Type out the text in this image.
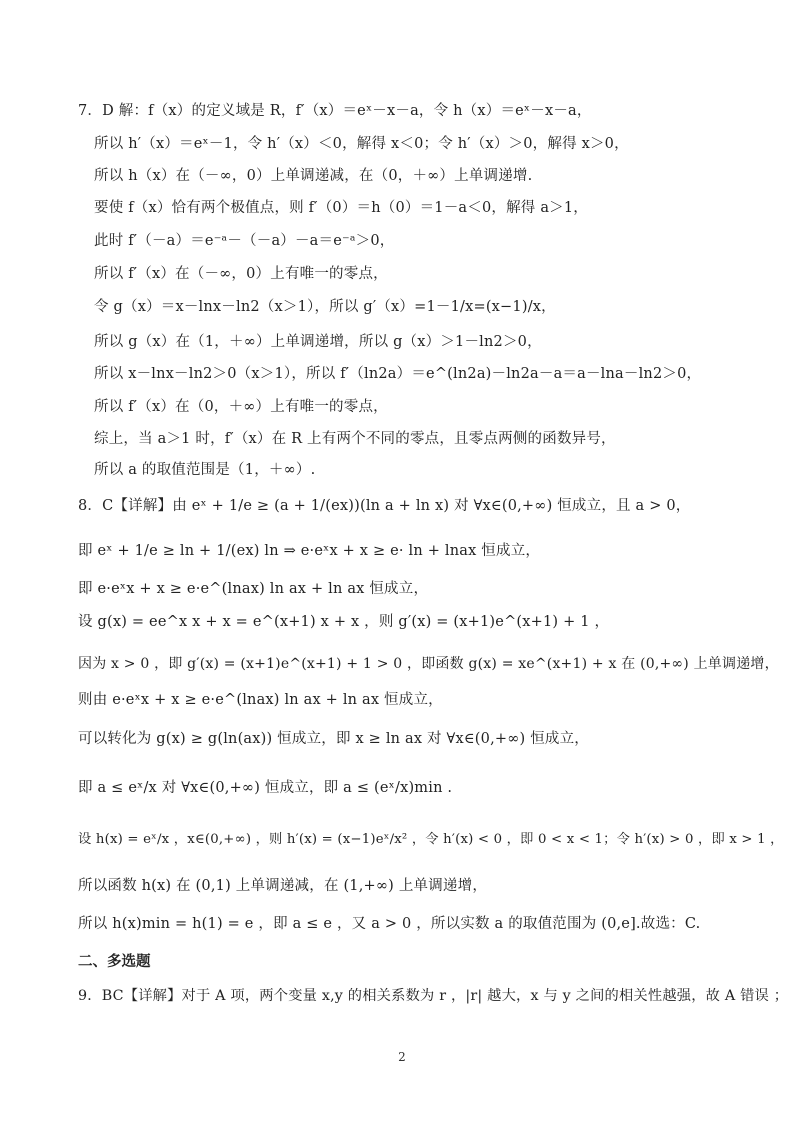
7．D 解：f（x）的定义域是 R，f′（x）＝eˣ－x－a，令 h（x）＝eˣ－x－a，
所以 h′（x）＝eˣ－1，令 h′（x）＜0，解得 x＜0；令 h′（x）＞0，解得 x＞0，
所以 h（x）在（－∞，0）上单调递减，在（0，＋∞）上单调递增.
要使 f（x）恰有两个极值点，则 f′（0）＝h（0）＝1－a＜0，解得 a＞1，
此时 f′（－a）＝e⁻ᵃ－（－a）－a＝e⁻ᵃ＞0，
所以 f′（x）在（－∞，0）上有唯一的零点，
令 g（x）＝x－lnx－ln2（x＞1），所以 g′（x）=1－1/x=(x−1)/x，
所以 g（x）在（1，＋∞）上单调递增，所以 g（x）＞1－ln2＞0，
所以 x－lnx－ln2＞0（x＞1），所以 f′（ln2a）＝e^(ln2a)－ln2a－a＝a－lna－ln2＞0，
所以 f′（x）在（0，＋∞）上有唯一的零点，
综上，当 a＞1 时，f′（x）在 R 上有两个不同的零点，且零点两侧的函数异号，
所以 a 的取值范围是（1，＋∞）.
8．C【详解】由 eˣ + 1/e ≥ (a + 1/(ex))(ln a + ln x) 对 ∀x∈(0,+∞) 恒成立，且 a > 0，
即 eˣ + 1/e ≥ ln + 1/(ex) ln ⇒ e·eˣx + x ≥ e· ln + lnax 恒成立，
即 e·eˣx + x ≥ e·e^(lnax) ln ax + ln ax 恒成立，
设 g(x) = ee^x x + x = e^(x+1) x + x ，则 g′(x) = (x+1)e^(x+1) + 1 ，
因为 x > 0 ，即 g′(x) = (x+1)e^(x+1) + 1 > 0 ，即函数 g(x) = xe^(x+1) + x 在 (0,+∞) 上单调递增，
则由 e·eˣx + x ≥ e·e^(lnax) ln ax + ln ax 恒成立，
可以转化为 g(x) ≥ g(ln(ax)) 恒成立，即 x ≥ ln ax 对 ∀x∈(0,+∞) 恒成立，
即 a ≤ eˣ/x 对 ∀x∈(0,+∞) 恒成立，即 a ≤ (eˣ/x)min .
设 h(x) = eˣ/x ，x∈(0,+∞) ，则 h′(x) = (x−1)eˣ/x² ，令 h′(x) < 0 ，即 0 < x < 1；令 h′(x) > 0 ，即 x > 1 ，
所以函数 h(x) 在 (0,1) 上单调递减，在 (1,+∞) 上单调递增，
所以 h(x)min = h(1) = e ，即 a ≤ e ，又 a > 0 ，所以实数 a 的取值范围为 (0,e].故选：C.
二、多选题
9．BC【详解】对于 A 项，两个变量 x,y 的相关系数为 r ，|r| 越大，x 与 y 之间的相关性越强，故 A 错误 ；
2
